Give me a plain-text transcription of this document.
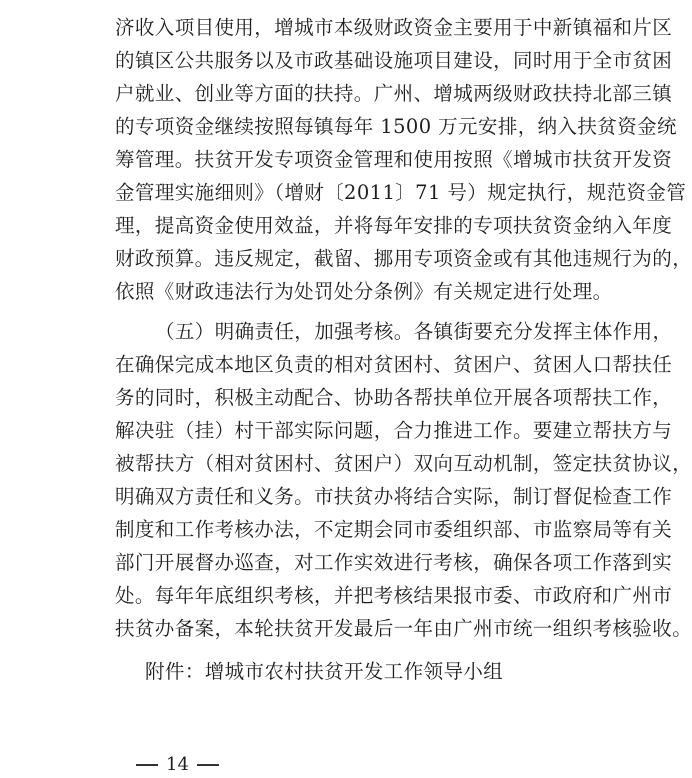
济收入项目使用，增城市本级财政资金主要用于中新镇福和片区
的镇区公共服务以及市政基础设施项目建设，同时用于全市贫困
户就业、创业等方面的扶持。广州、增城两级财政扶持北部三镇
的专项资金继续按照每镇每年 1500 万元安排，纳入扶贫资金统
筹管理。扶贫开发专项资金管理和使用按照《增城市扶贫开发资
金管理实施细则》（增财〔2011〕71 号）规定执行，规范资金管
理，提高资金使用效益，并将每年安排的专项扶贫资金纳入年度
财政预算。违反规定，截留、挪用专项资金或有其他违规行为的，
依照《财政违法行为处罚处分条例》有关规定进行处理。
（五）明确责任，加强考核。各镇街要充分发挥主体作用，
在确保完成本地区负责的相对贫困村、贫困户、贫困人口帮扶任
务的同时，积极主动配合、协助各帮扶单位开展各项帮扶工作，
解决驻（挂）村干部实际问题，合力推进工作。要建立帮扶方与
被帮扶方（相对贫困村、贫困户）双向互动机制，签定扶贫协议，
明确双方责任和义务。市扶贫办将结合实际，制订督促检查工作
制度和工作考核办法，不定期会同市委组织部、市监察局等有关
部门开展督办巡查，对工作实效进行考核，确保各项工作落到实
处。每年年底组织考核，并把考核结果报市委、市政府和广州市
扶贫办备案，本轮扶贫开发最后一年由广州市统一组织考核验收。
附件：增城市农村扶贫开发工作领导小组
14
